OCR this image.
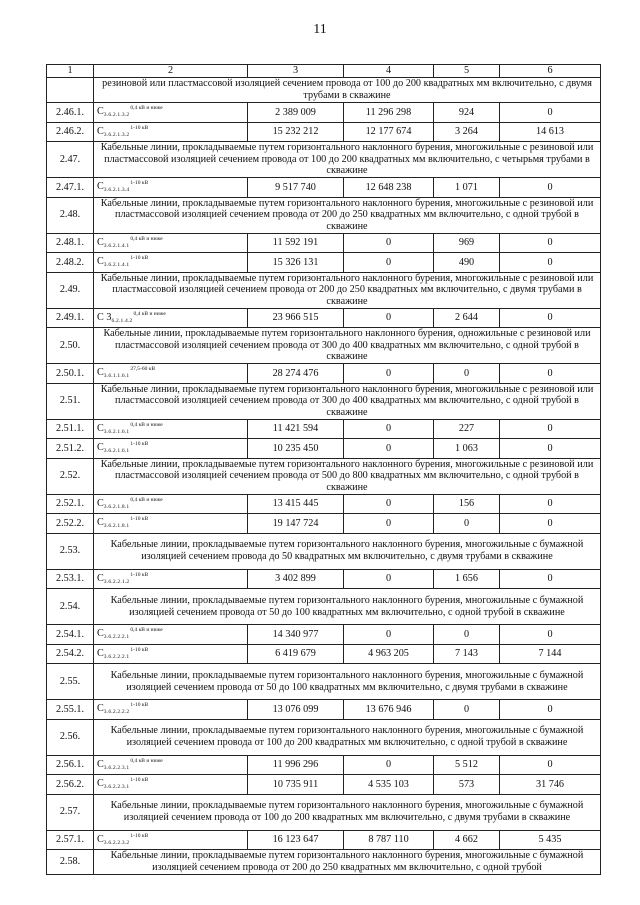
11
1	2	3	4	5	6
	резиновой или пластмассовой изоляцией сечением провода от 100 до 200 квадратных мм включительно, с двумя трубами в скважине				
2.46.1.	$С_{3.6.2.1.3.2}^{0,4 кВ и ниже}$	2 389 009	11 296 298	924	0
2.46.2.	$С_{3.6.2.1.3.2}^{1-10 кВ}$	15 232 212	12 177 674	3 264	14 613
2.47.	Кабельные линии, прокладываемые путем горизонтального наклонного бурения, многожильные с резиновой или пластмассовой изоляцией сечением провода от 100 до 200 квадратных мм включительно, с четырьмя трубами в скважине				
2.47.1.	$С_{3.6.2.1.3.4}^{1-10 кВ}$	9 517 740	12 648 238	1 071	0
2.48.	Кабельные линии, прокладываемые путем горизонтального наклонного бурения, многожильные с резиновой или пластмассовой изоляцией сечением провода от 200 до 250 квадратных мм включительно, с одной трубой в скважине				
2.48.1.	$С_{3.6.2.1.4.1}^{0,4 кВ и ниже}$	11 592 191	0	969	0
2.48.2.	$С_{3.6.2.1.4.1}^{1-10 кВ}$	15 326 131	0	490	0
2.49.	Кабельные линии, прокладываемые путем горизонтального наклонного бурения, многожильные с резиновой или пластмассовой изоляцией сечением провода от 200 до 250 квадратных мм включительно, с двумя трубами в скважине				
2.49.1.	С $3_{6.2.1.4.2}^{0,4 кВ и ниже}$	23 966 515	0	2 644	0
2.50.	Кабельные линии, прокладываемые путем горизонтального наклонного бурения, одножильные с резиновой или пластмассовой изоляцией сечением провода от 300 до 400 квадратных мм включительно, с одной трубой в скважине				
2.50.1.	$С_{3.6.1.1.6.1}^{27,5-60 кВ}$	28 274 476	0	0	0
2.51.	Кабельные линии, прокладываемые путем горизонтального наклонного бурения, многожильные с резиновой или пластмассовой изоляцией сечением провода от 300 до 400 квадратных мм включительно, с одной трубой в скважине				
2.51.1.	$С_{3.6.2.1.6.1}^{0,4 кВ и ниже}$	11 421 594	0	227	0
2.51.2.	$С_{3.6.2.1.6.1}^{1-10 кВ}$	10 235 450	0	1 063	0
2.52.	Кабельные линии, прокладываемые путем горизонтального наклонного бурения, многожильные с резиновой или пластмассовой изоляцией сечением провода от 500 до 800 квадратных мм включительно, с одной трубой в скважине				
2.52.1.	$С_{3.6.2.1.8.1}^{0,4 кВ и ниже}$	13 415 445	0	156	0
2.52.2.	$С_{3.6.2.1.8.1}^{1-10 кВ}$	19 147 724	0	0	0
2.53.	Кабельные линии, прокладываемые путем горизонтального наклонного бурения, многожильные с бумажной изоляцией сечением провода до 50 квадратных мм включительно, с двумя трубами в скважине				
2.53.1.	$С_{3.6.2.2.1.2}^{1-10 кВ}$	3 402 899	0	1 656	0
2.54.	Кабельные линии, прокладываемые путем горизонтального наклонного бурения, многожильные с бумажной изоляцией сечением провода от 50 до 100 квадратных мм включительно, с одной трубой в скважине				
2.54.1.	$С_{3.6.2.2.2.1}^{0,4 кВ и ниже}$	14 340 977	0	0	0
2.54.2.	$С_{3.6.2.2.2.1}^{1-10 кВ}$	6 419 679	4 963 205	7 143	7 144
2.55.	Кабельные линии, прокладываемые путем горизонтального наклонного бурения, многожильные с бумажной изоляцией сечением провода от 50 до 100 квадратных мм включительно, с двумя трубами в скважине				
2.55.1.	$С_{3.6.2.2.2.2}^{1-10 кВ}$	13 076 099	13 676 946	0	0
2.56.	Кабельные линии, прокладываемые путем горизонтального наклонного бурения, многожильные с бумажной изоляцией сечением провода от 100 до 200 квадратных мм включительно, с одной трубой в скважине				
2.56.1.	$С_{3.6.2.2.3.1}^{0,4 кВ и ниже}$	11 996 296	0	5 512	0
2.56.2.	$С_{3.6.2.2.3.1}^{1-10 кВ}$	10 735 911	4 535 103	573	31 746
2.57.	Кабельные линии, прокладываемые путем горизонтального наклонного бурения, многожильные с бумажной изоляцией сечением провода от 100 до 200 квадратных мм включительно, с двумя трубами в скважине				
2.57.1.	$С_{3.6.2.2.3.2}^{1-10 кВ}$	16 123 647	8 787 110	4 662	5 435
2.58.	Кабельные линии, прокладываемые путем горизонтального наклонного бурения, многожильные с бумажной изоляцией сечением провода от 200 до 250 квадратных мм включительно, с одной трубой				
